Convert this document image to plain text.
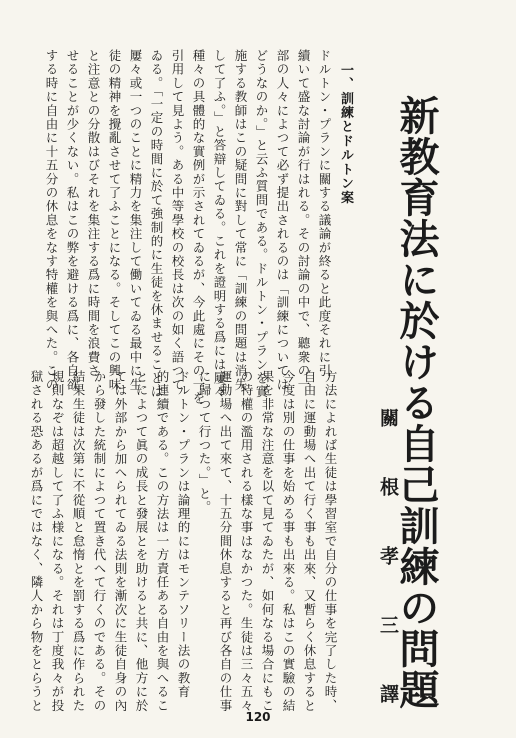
新教育法に於ける自己訓練の問題
關 根 孝 三 譯

一、訓練とドルトン案

ドルトン・プランに關する議論が終ると此度それに引

續いて盛な討論が行はれる。その討論の中で、聽衆の一

部の人々によつて必ず提出されるのは「訓練については

どうなのか。」と云ふ質問である。ドルトン・プランを實

施する教師はこの疑問に對して常に「訓練の問題は消失

して了ふ。」と答辯してゐる。これを證明する爲には屢々

種々の具體的な實例が示されてゐるが、今此處にその一を

引用して見よう。ある中等學校の校長は次の如く語つて

ゐる。「一定の時間に於て強制的に生徒を休ませることは

屢々或一つのことに精力を集注して働いてゐる最中に生

徒の精神を攪亂させて了ふことになる。そしてこの興味

と注意との分散はびそれを集注する爲に時間を浪費さ

せることが少くない。私はこの弊を避ける爲に、各自欲

する時に自由に十五分の休息をなす特權を與へた。この

方法によれば生徒は學習室で自分の仕事を完了した時、

自由に運動場へ出て行く事も出來、又暫らく休息すると

今度は別の仕事を始める事も出來る。私はこの實驗の結

果を非常な注意を以て見てゐたが、如何なる場合にもこ

の特權の濫用される樣な事はなかつた。生徒は三々五々

運動場へ出て來て、十五分間休息すると再び各自の仕事

に歸つて行つた。」と。

ドルトン・プランは論理的にはモンテソリー法の教育

的連續である。この方法は一方責任ある自由を與へるこ

とによつて眞の成長と發展とを助けると共に、他方に於

ては外部から加へられてゐる法則を漸次に生徒自身の內

から發した統制によつて置き代へて行くのである。その

結果生徒は次第に不從順と怠惰とを罰する爲に作られた

規則なぞは超越して了ふ様になる。それは丁度我々が投

獄される恐あるが爲にではなく、隣人から物をとらうと

120
